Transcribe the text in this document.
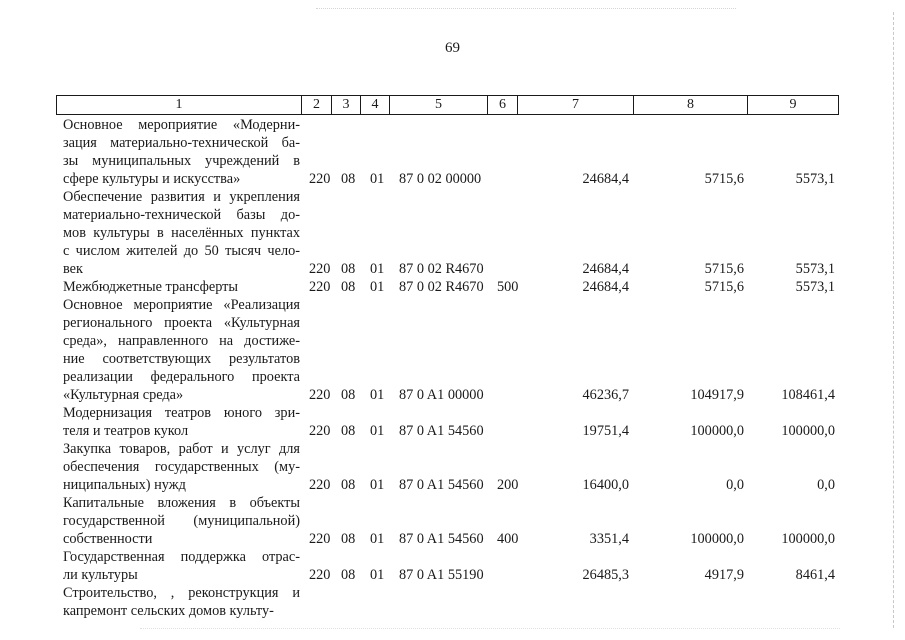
69
1	2	3	4	5	6	7	8	9
Основное мероприятие «Модерни-
зация материально-технической ба-
зы муниципальных учреждений в
сфере культуры и искусства»	220 08 01 87 0 02 00000	24684,4	5715,6	5573,1
Обеспечение развития и укрепления
материально-технической базы до-
мов культуры в населённых пунктах
с числом жителей до 50 тысяч чело-
век	220 08 01 87 0 02 R4670	24684,4	5715,6	5573,1
Межбюджетные трансферты	220 08 01 87 0 02 R4670 500	24684,4	5715,6	5573,1
Основное мероприятие «Реализация
регионального проекта «Культурная
среда», направленного на достиже-
ние соответствующих результатов
реализации федерального проекта
«Культурная среда»	220 08 01 87 0 A1 00000	46236,7	104917,9	108461,4
Модернизация театров юного зри-
теля и театров кукол	220 08 01 87 0 A1 54560	19751,4	100000,0	100000,0
Закупка товаров, работ и услуг для
обеспечения государственных (му-
ниципальных) нужд	220 08 01 87 0 A1 54560 200	16400,0	0,0	0,0
Капитальные вложения в объекты
государственной (муниципальной)
собственности	220 08 01 87 0 A1 54560 400	3351,4	100000,0	100000,0
Государственная поддержка отрас-
ли культуры	220 08 01 87 0 A1 55190	26485,3	4917,9	8461,4
Строительство, , реконструкция и
капремонт сельских домов культу-
